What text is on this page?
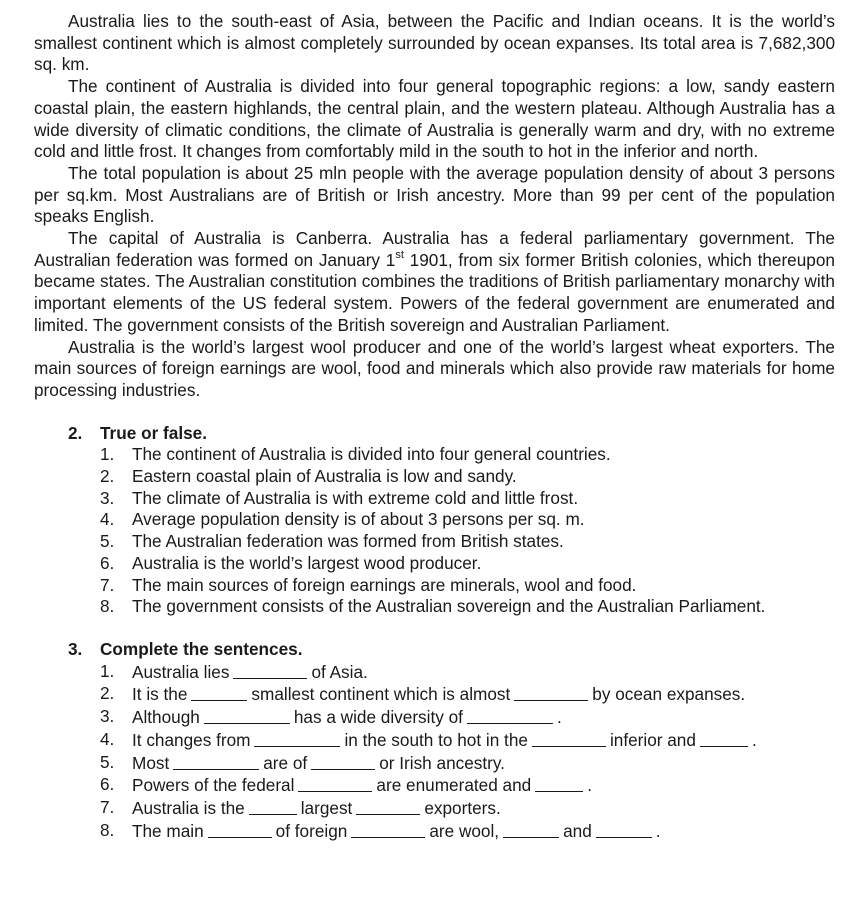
Australia lies to the south-east of Asia, between the Pacific and Indian oceans. It is the world’s smallest continent which is almost completely surrounded by ocean expanses. Its total area is 7,682,300 sq. km.

The continent of Australia is divided into four general topographic regions: a low, sandy eastern coastal plain, the eastern highlands, the central plain, and the western plateau. Although Australia has a wide diversity of climatic conditions, the climate of Australia is generally warm and dry, with no extreme cold and little frost. It changes from comfortably mild in the south to hot in the inferior and north.

The total population is about 25 mln people with the average population density of about 3 persons per sq.km. Most Australians are of British or Irish ancestry. More than 99 per cent of the population speaks English.

The capital of Australia is Canberra. Australia has a federal parliamentary government. The Australian federation was formed on January 1st 1901, from six former British colonies, which thereupon became states. The Australian constitution combines the traditions of British parliamentary monarchy with important elements of the US federal system. Powers of the federal government are enumerated and limited. The government consists of the British sovereign and Australian Parliament.

Australia is the world’s largest wool producer and one of the world’s largest wheat exporters. The main sources of foreign earnings are wool, food and minerals which also provide raw materials for home processing industries.

2.	True or false.
1.	The continent of Australia is divided into four general countries.
2.	Eastern coastal plain of Australia is low and sandy.
3.	The climate of Australia is with extreme cold and little frost.
4.	Average population density is of about 3 persons per sq. m.
5.	The Australian federation was formed from British states.
6.	Australia is the world’s largest wood producer.
7.	The main sources of foreign earnings are minerals, wool and food.
8.	The government consists of the Australian sovereign and the Australian Parliament.
3.	Complete the sentences.
1.	Australia lies	of Asia.
2.	It is the	smallest continent which is almost	by ocean expanses.
3.	Although	has a wide diversity of	.
4.	It changes from	in the south to hot in the	inferior and	.
5.	Most	are of	or Irish ancestry.
6.	Powers of the federal	are enumerated and	.
7.	Australia is the	largest	exporters.
8.	The main	of foreign	are wool,	and	.
